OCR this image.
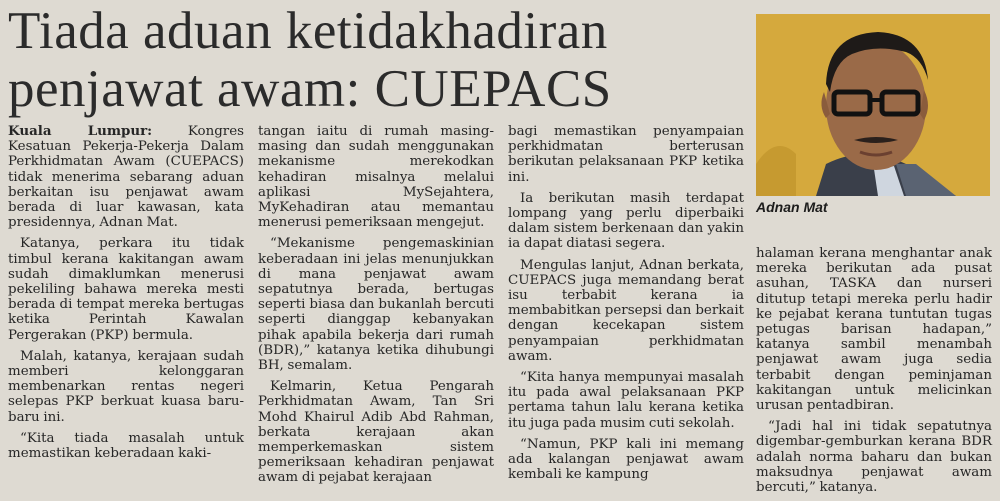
Tiada aduan ketidakhadiran
penjawat awam: CUEPACS
Adnan Mat

Kuala Lumpur: Kongres Kesatuan Pekerja-Pekerja Dalam Perkhidmatan Awam (CUEPACS) tidak menerima sebarang aduan berkaitan isu penjawat awam berada di luar kawasan, kata presidennya, Adnan Mat.

Katanya, perkara itu tidak timbul kerana kakitangan awam sudah dimaklumkan menerusi pekeliling bahawa mereka mesti berada di tempat mereka bertugas ketika Perintah Kawalan Pergerakan (PKP) bermula.

Malah, katanya, kerajaan sudah memberi kelonggaran membenarkan rentas negeri selepas PKP berkuat kuasa baru-baru ini.

“Kita tiada masalah untuk memastikan keberadaan kaki-

tangan iaitu di rumah masing-masing dan sudah menggunakan mekanisme merekodkan kehadiran misalnya melalui aplikasi MySejahtera, MyKehadiran atau memantau menerusi pemeriksaan mengejut.

“Mekanisme pengemaskinian keberadaan ini jelas menunjukkan di mana penjawat awam sepatutnya berada, bertugas seperti biasa dan bukanlah bercuti seperti dianggap kebanyakan pihak apabila bekerja dari rumah (BDR),” katanya ketika dihubungi BH, semalam.

Kelmarin, Ketua Pengarah Perkhidmatan Awam, Tan Sri Mohd Khairul Adib Abd Rahman, berkata kerajaan akan memperkemaskan sistem pemeriksaan kehadiran penjawat awam di pejabat kerajaan

bagi memastikan penyampaian perkhidmatan berterusan berikutan pelaksanaan PKP ketika ini.

Ia berikutan masih terdapat lompang yang perlu diperbaiki dalam sistem berkenaan dan yakin ia dapat diatasi segera.

Mengulas lanjut, Adnan berkata, CUEPACS juga memandang berat isu terbabit kerana ia membabitkan persepsi dan berkait dengan kecekapan sistem penyampaian perkhidmatan awam.

“Kita hanya mempunyai masalah itu pada awal pelaksanaan PKP pertama tahun lalu kerana ketika itu juga pada musim cuti sekolah.

“Namun, PKP kali ini memang ada kalangan penjawat awam kembali ke kampung

halaman kerana menghantar anak mereka berikutan ada pusat asuhan, TASKA dan nurseri ditutup tetapi mereka perlu hadir ke pejabat kerana tuntutan tugas petugas barisan hadapan,” katanya sambil menambah penjawat awam juga sedia terbabit dengan peminjaman kakitangan untuk melicinkan urusan pentadbiran.

“Jadi hal ini tidak sepatutnya digembar-gemburkan kerana BDR adalah norma baharu dan bukan maksudnya penjawat awam bercuti,” katanya.
